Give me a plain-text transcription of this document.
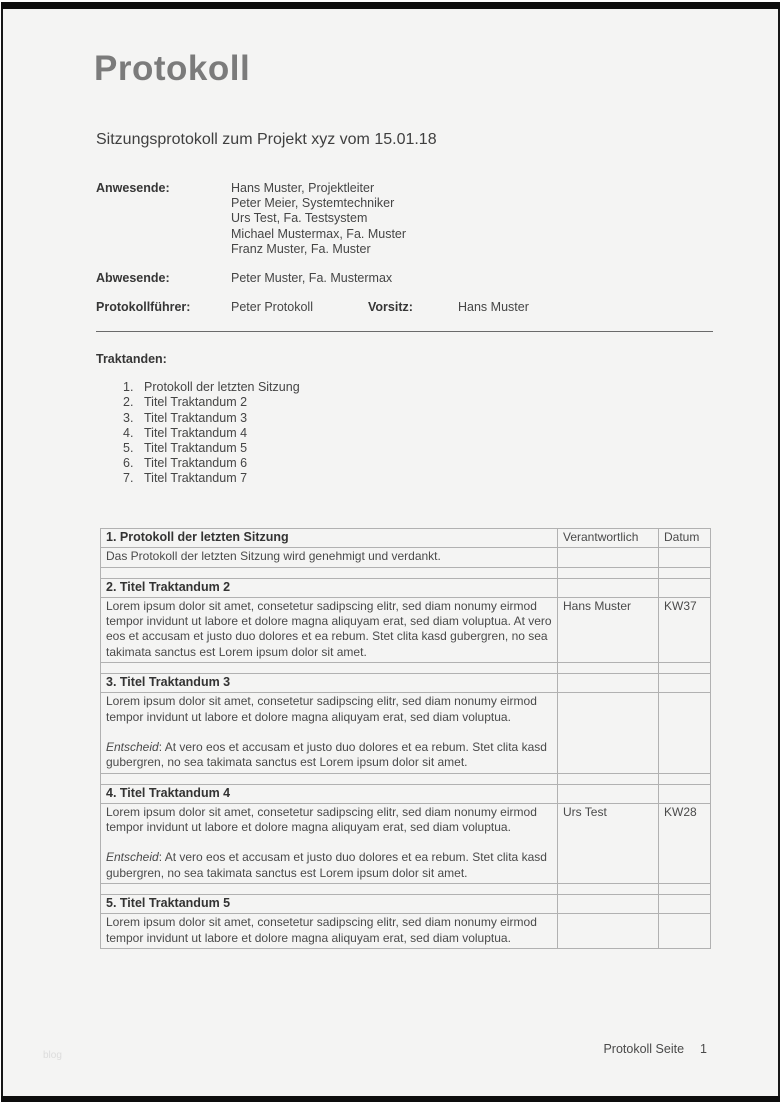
Protokoll
Sitzungsprotokoll zum Projekt xyz vom 15.01.18
Anwesende:	Hans Muster, Projektleiter
Peter Meier, Systemtechniker
Urs Test, Fa. Testsystem
Michael Mustermax, Fa. Muster
Franz Muster, Fa. Muster
Abwesende:	Peter Muster, Fa. Mustermax
Protokollführer:	Peter Protokoll	Vorsitz:	Hans Muster
Traktanden:
1. Protokoll der letzten Sitzung
2. Titel Traktandum 2
3. Titel Traktandum 3
4. Titel Traktandum 4
5. Titel Traktandum 5
6. Titel Traktandum 6
7. Titel Traktandum 7
1. Protokoll der letzten Sitzung	Verantwortlich	Datum

Das Protokoll der letzten Sitzung wird genehmigt und verdankt.		

2. Titel Traktandum 2		

Lorem ipsum dolor sit amet, consetetur sadipscing elitr, sed diam nonumy eirmod tempor invidunt ut labore et dolore magna aliquyam erat, sed diam voluptua. At vero eos et accusam et justo duo dolores et ea rebum. Stet clita kasd gubergren, no sea takimata sanctus est Lorem ipsum dolor sit amet.	Hans Muster	KW37

3. Titel Traktandum 3		

Lorem ipsum dolor sit amet, consetetur sadipscing elitr, sed diam nonumy eirmod tempor invidunt ut labore et dolore magna aliquyam erat, sed diam voluptua.
Entscheid: At vero eos et accusam et justo duo dolores et ea rebum. Stet clita kasd gubergren, no sea takimata sanctus est Lorem ipsum dolor sit amet.		

4. Titel Traktandum 4		

Lorem ipsum dolor sit amet, consetetur sadipscing elitr, sed diam nonumy eirmod tempor invidunt ut labore et dolore magna aliquyam erat, sed diam voluptua.
Entscheid: At vero eos et accusam et justo duo dolores et ea rebum. Stet clita kasd gubergren, no sea takimata sanctus est Lorem ipsum dolor sit amet.	Urs Test	KW28

5. Titel Traktandum 5		

Lorem ipsum dolor sit amet, consetetur sadipscing elitr, sed diam nonumy eirmod tempor invidunt ut labore et dolore magna aliquyam erat, sed diam voluptua.		

Protokoll Seite 1
blog
